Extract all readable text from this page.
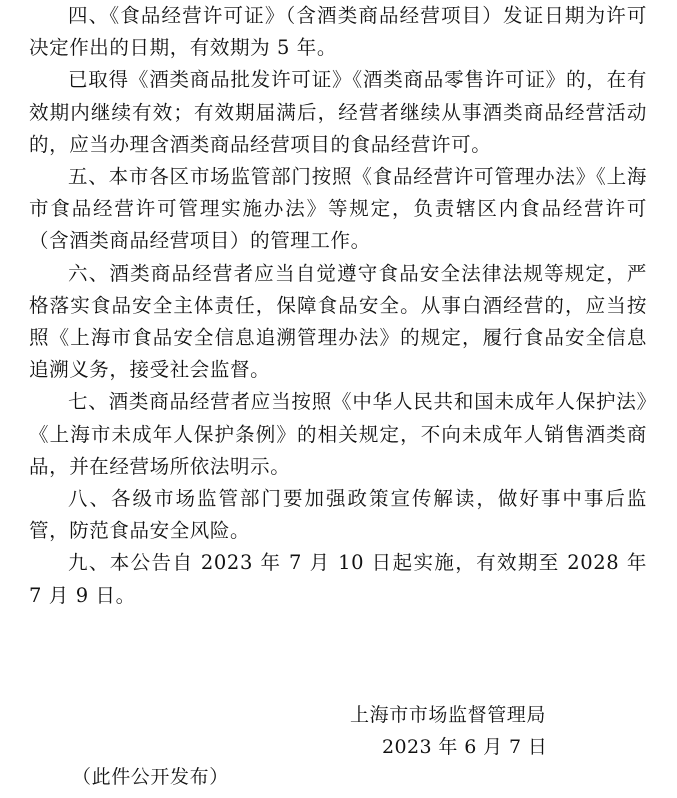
四、《食品经营许可证》（含酒类商品经营项目）发证日期为许可决定作出的日期，有效期为 5 年。

已取得《酒类商品批发许可证》《酒类商品零售许可证》的，在有效期内继续有效；有效期届满后，经营者继续从事酒类商品经营活动的，应当办理含酒类商品经营项目的食品经营许可。

五、本市各区市场监管部门按照《食品经营许可管理办法》《上海市食品经营许可管理实施办法》等规定，负责辖区内食品经营许可（含酒类商品经营项目）的管理工作。

六、酒类商品经营者应当自觉遵守食品安全法律法规等规定，严格落实食品安全主体责任，保障食品安全。从事白酒经营的，应当按照《上海市食品安全信息追溯管理办法》的规定，履行食品安全信息追溯义务，接受社会监督。

七、酒类商品经营者应当按照《中华人民共和国未成年人保护法》《上海市未成年人保护条例》的相关规定，不向未成年人销售酒类商品，并在经营场所依法明示。

八、各级市场监管部门要加强政策宣传解读，做好事中事后监管，防范食品安全风险。

九、本公告自 2023 年 7 月 10 日起实施，有效期至 2028 年 7 月 9 日。

上海市市场监督管理局
2023 年 6 月 7 日
（此件公开发布）
